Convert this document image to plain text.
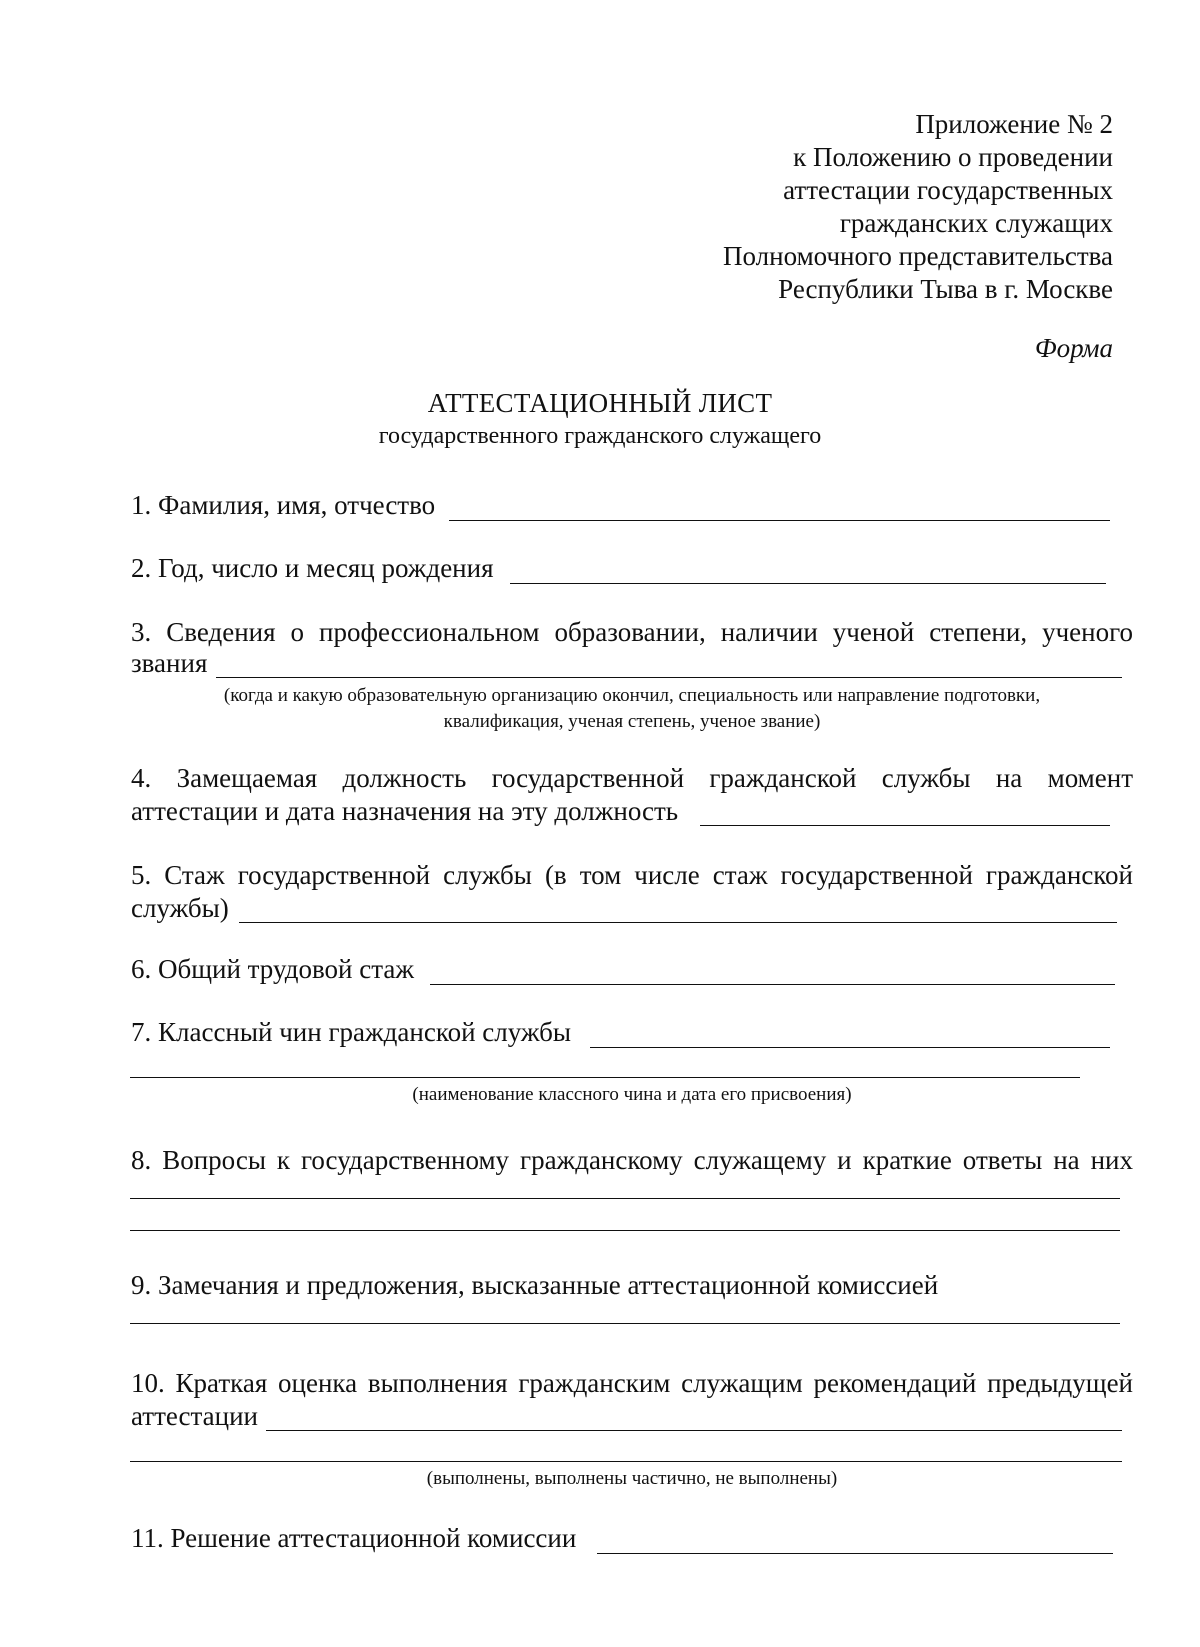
Приложение № 2
к Положению о проведении
аттестации государственных
гражданских служащих
Полномочного представительства
Республики Тыва в г. Москве
Форма
АТТЕСТАЦИОННЫЙ ЛИСТ
государственного гражданского служащего
1. Фамилия, имя, отчество
2. Год, число и месяц рождения
3. Сведения о профессиональном образовании, наличии ученой степени, ученого
звания
(когда и какую образовательную организацию окончил, специальность или направление подготовки,
квалификация, ученая степень, ученое звание)
4. Замещаемая должность государственной гражданской службы на момент
аттестации и дата назначения на эту должность
5. Стаж государственной службы (в том числе стаж государственной гражданской
службы)
6. Общий трудовой стаж
7. Классный чин гражданской службы
(наименование классного чина и дата его присвоения)
8. Вопросы к государственному гражданскому служащему и краткие ответы на них
9. Замечания и предложения, высказанные аттестационной комиссией
10. Краткая оценка выполнения гражданским служащим рекомендаций предыдущей
аттестации
(выполнены, выполнены частично, не выполнены)
11. Решение аттестационной комиссии
